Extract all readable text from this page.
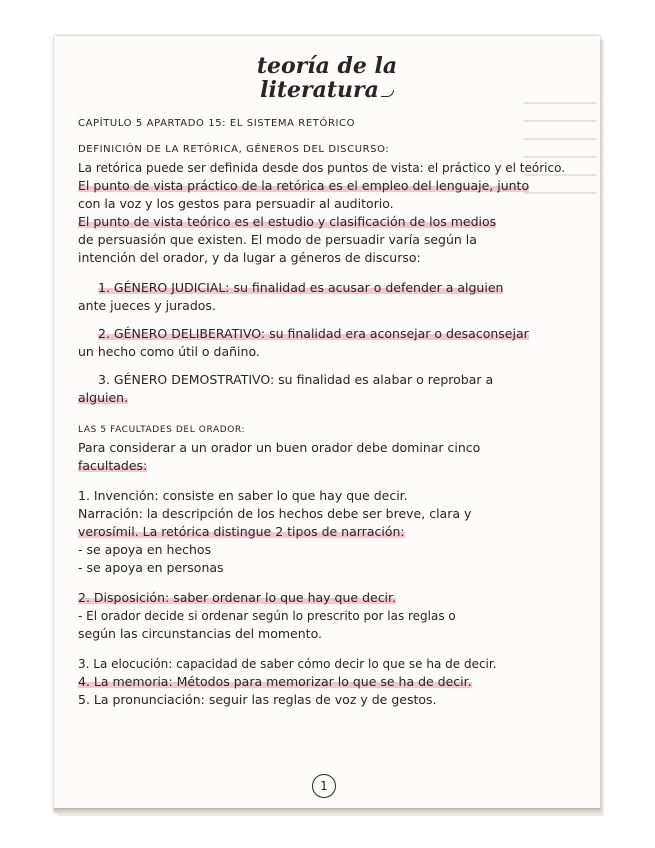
teoría de la
literatura
CAPÍTULO 5 APARTADO 15: EL SISTEMA RETÓRICO
DEFINICIÓN DE LA RETÓRICA, GÉNEROS DEL DISCURSO:
La retórica puede ser definida desde dos puntos de vista: el práctico y el teórico.
El punto de vista práctico de la retórica es el empleo del lenguaje, junto
con la voz y los gestos para persuadir al auditorio.
El punto de vista teórico es el estudio y clasificación de los medios
de persuasión que existen. El modo de persuadir varía según la
intención del orador, y da lugar a géneros de discurso:
1. GÉNERO JUDICIAL: su finalidad es acusar o defender a alguien
ante jueces y jurados.
2. GÉNERO DELIBERATIVO: su finalidad era aconsejar o desaconsejar
un hecho como útil o dañino.
3. GÉNERO DEMOSTRATIVO: su finalidad es alabar o reprobar a
alguien.
LAS 5 FACULTADES DEL ORADOR:
Para considerar a un orador un buen orador debe dominar cinco
facultades:
1. Invención: consiste en saber lo que hay que decir.
Narración: la descripción de los hechos debe ser breve, clara y
verosímil. La retórica distingue 2 tipos de narración:
- se apoya en hechos
- se apoya en personas
2. Disposición: saber ordenar lo que hay que decir.
- El orador decide si ordenar según lo prescrito por las reglas o
según las circunstancias del momento.
3. La elocución: capacidad de saber cómo decir lo que se ha de decir.
4. La memoria: Métodos para memorizar lo que se ha de decir.
5. La pronunciación: seguir las reglas de voz y de gestos.
1
